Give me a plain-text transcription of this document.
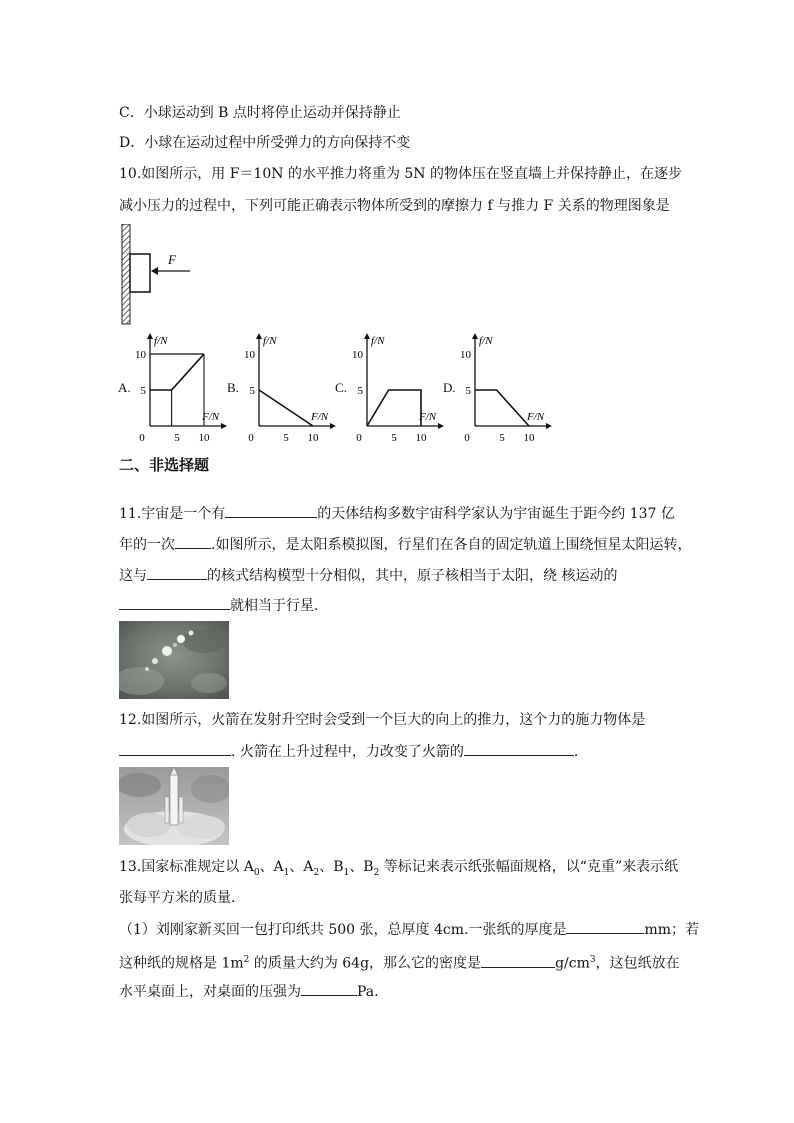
C．小球运动到 B 点时将停止运动并保持静止
D．小球在运动过程中所受弹力的方向保持不变
10.如图所示，用 F＝10N 的水平推力将重为 5N 的物体压在竖直墙上并保持静止，在逐步
减小压力的过程中，下列可能正确表示物体所受到的摩擦力 f 与推力 F 关系的物理图象是
F
A.
f/N
F/N
10
5
0	5 10
B.
f/N
F/N
10
5
0	5 10
C.
f/N
F/N
10
5
0	5 10
D.
f/N
F/N
10
5
0	5 10
二、非选择题
11.宇宙是一个有	的天体结构多数宇宙科学家认为宇宙诞生于距今约 137 亿
年的一次	.如图所示，是太阳系模拟图，行星们在各自的固定轨道上围绕恒星太阳运转，
这与	的核式结构模型十分相似，其中，原子核相当于太阳，绕 核运动的
就相当于行星.
12.如图所示，火箭在发射升空时会受到一个巨大的向上的推力，这个力的施力物体是
. 火箭在上升过程中，力改变了火箭的	.
13.国家标准规定以 $A_0$、$A_1$、$A_2$、$B_1$、$B_2$ 等标记来表示纸张幅面规格，以“克重”来表示纸
张每平方米的质量.
（1）刘刚家新买回一包打印纸共 500 张，总厚度 4cm.一张纸的厚度是	mm；若
这种纸的规格是 $1m^2$ 的质量大约为 64g，那么它的密度是	$g/cm^3$，这包纸放在
水平桌面上，对桌面的压强为	Pa.
